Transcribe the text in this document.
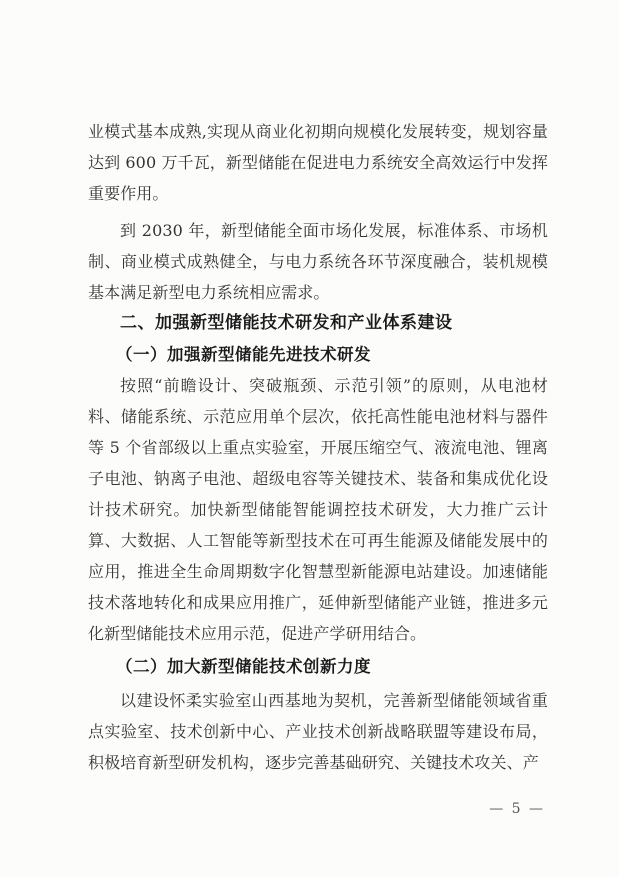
业模式基本成熟,实现从商业化初期向规模化发展转变，规划容量达到 600 万千瓦，新型储能在促进电力系统安全高效运行中发挥重要作用。

到 2030 年，新型储能全面市场化发展，标准体系、市场机制、商业模式成熟健全，与电力系统各环节深度融合，装机规模基本满足新型电力系统相应需求。

二、加强新型储能技术研发和产业体系建设
（一）加强新型储能先进技术研发

按照“前瞻设计、突破瓶颈、示范引领”的原则，从电池材料、储能系统、示范应用单个层次，依托高性能电池材料与器件等 5 个省部级以上重点实验室，开展压缩空气、液流电池、锂离子电池、钠离子电池、超级电容等关键技术、装备和集成优化设计技术研究。加快新型储能智能调控技术研发，大力推广云计算、大数据、人工智能等新型技术在可再生能源及储能发展中的应用，推进全生命周期数字化智慧型新能源电站建设。加速储能技术落地转化和成果应用推广，延伸新型储能产业链，推进多元化新型储能技术应用示范，促进产学研用结合。

（二）加大新型储能技术创新力度

以建设怀柔实验室山西基地为契机，完善新型储能领域省重点实验室、技术创新中心、产业技术创新战略联盟等建设布局，积极培育新型研发机构，逐步完善基础研究、关键技术攻关、产

— 5 —
